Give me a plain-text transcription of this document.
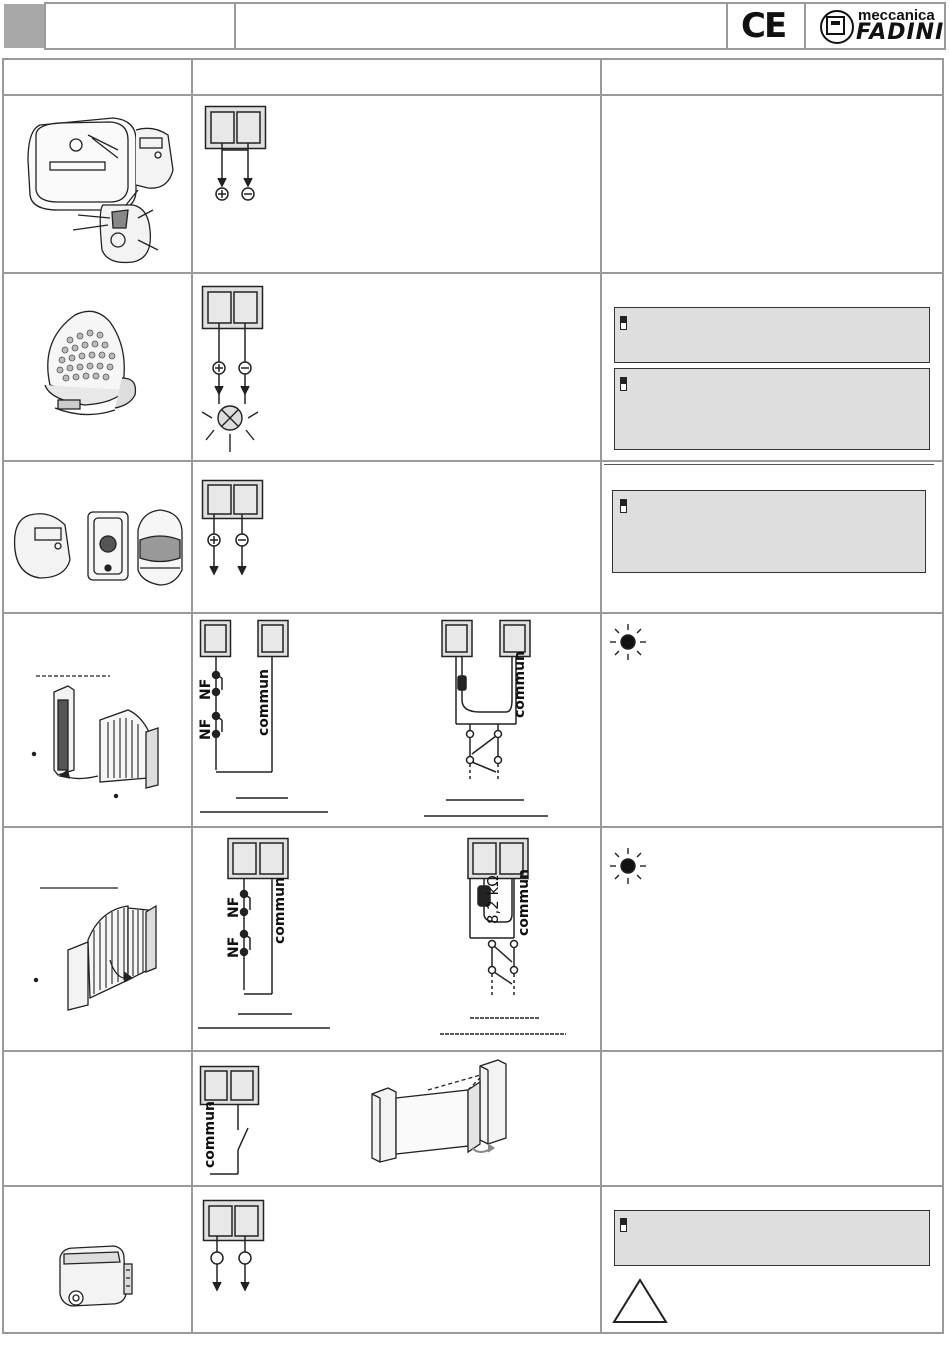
CE	meccanica
FADINI
NF
NF	commun	commun
NF
NF
commun	8,2 kΩ commun
commun
